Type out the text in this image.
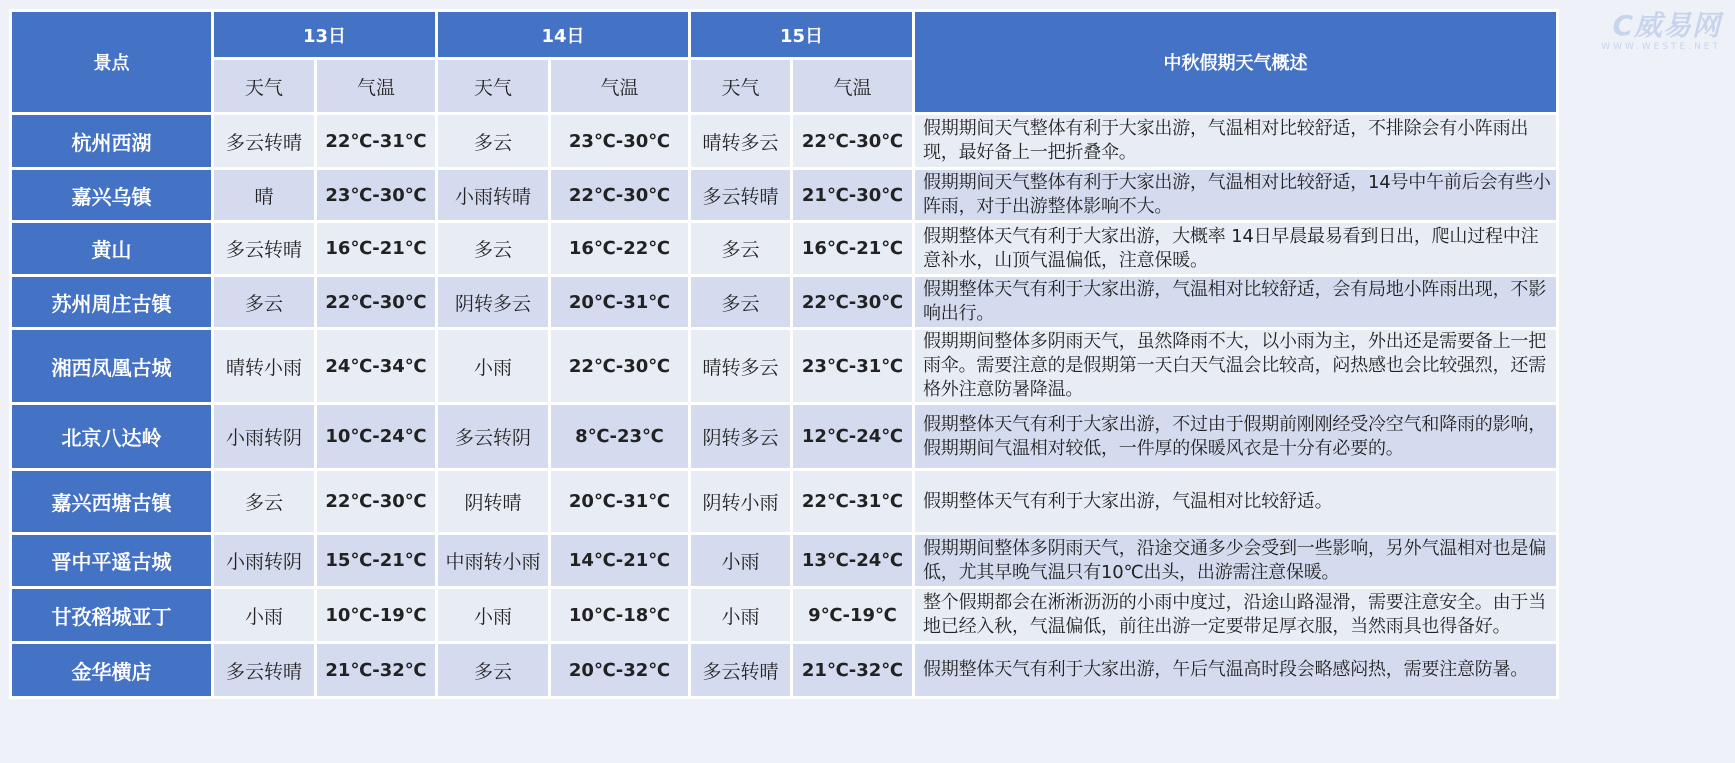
C威易网
WWW.WESTE.NET
景点	13日		14日		15日		中秋假期天气概述
	天气	气温	天气	气温	天气	气温	
杭州西湖	多云转晴	22℃-31℃	多云	23℃-30℃	晴转多云	22℃-30℃	假期期间天气整体有利于大家出游，气温相对比较舒适，不排除会有小阵雨出现，最好备上一把折叠伞。
嘉兴乌镇	晴	23℃-30℃	小雨转晴	22℃-30℃	多云转晴	21℃-30℃	假期期间天气整体有利于大家出游，气温相对比较舒适，14号中午前后会有些小阵雨，对于出游整体影响不大。
黄山	多云转晴	16℃-21℃	多云	16℃-22℃	多云	16℃-21℃	假期整体天气有利于大家出游，大概率 14日早晨最易看到日出，爬山过程中注意补水，山顶气温偏低，注意保暖。
苏州周庄古镇	多云	22℃-30℃	阴转多云	20℃-31℃	多云	22℃-30℃	假期整体天气有利于大家出游，气温相对比较舒适，会有局地小阵雨出现，不影响出行。
湘西凤凰古城	晴转小雨	24℃-34℃	小雨	22℃-30℃	晴转多云	23℃-31℃	假期期间整体多阴雨天气，虽然降雨不大，以小雨为主，外出还是需要备上一把雨伞。需要注意的是假期第一天白天气温会比较高，闷热感也会比较强烈，还需格外注意防暑降温。
北京八达岭	小雨转阴	10℃-24℃	多云转阴	8℃-23℃	阴转多云	12℃-24℃	假期整体天气有利于大家出游，不过由于假期前刚刚经受冷空气和降雨的影响，假期期间气温相对较低，一件厚的保暖风衣是十分有必要的。
嘉兴西塘古镇	多云	22℃-30℃	阴转晴	20℃-31℃	阴转小雨	22℃-31℃	假期整体天气有利于大家出游，气温相对比较舒适。
晋中平遥古城	小雨转阴	15℃-21℃	中雨转小雨	14℃-21℃	小雨	13℃-24℃	假期期间整体多阴雨天气，沿途交通多少会受到一些影响，另外气温相对也是偏低，尤其早晚气温只有10℃出头，出游需注意保暖。
甘孜稻城亚丁	小雨	10℃-19℃	小雨	10℃-18℃	小雨	9℃-19℃	整个假期都会在淅淅沥沥的小雨中度过，沿途山路湿滑，需要注意安全。由于当地已经入秋，气温偏低，前往出游一定要带足厚衣服，当然雨具也得备好。
金华横店	多云转晴	21℃-32℃	多云	20℃-32℃	多云转晴	21℃-32℃	假期整体天气有利于大家出游，午后气温高时段会略感闷热，需要注意防暑。
